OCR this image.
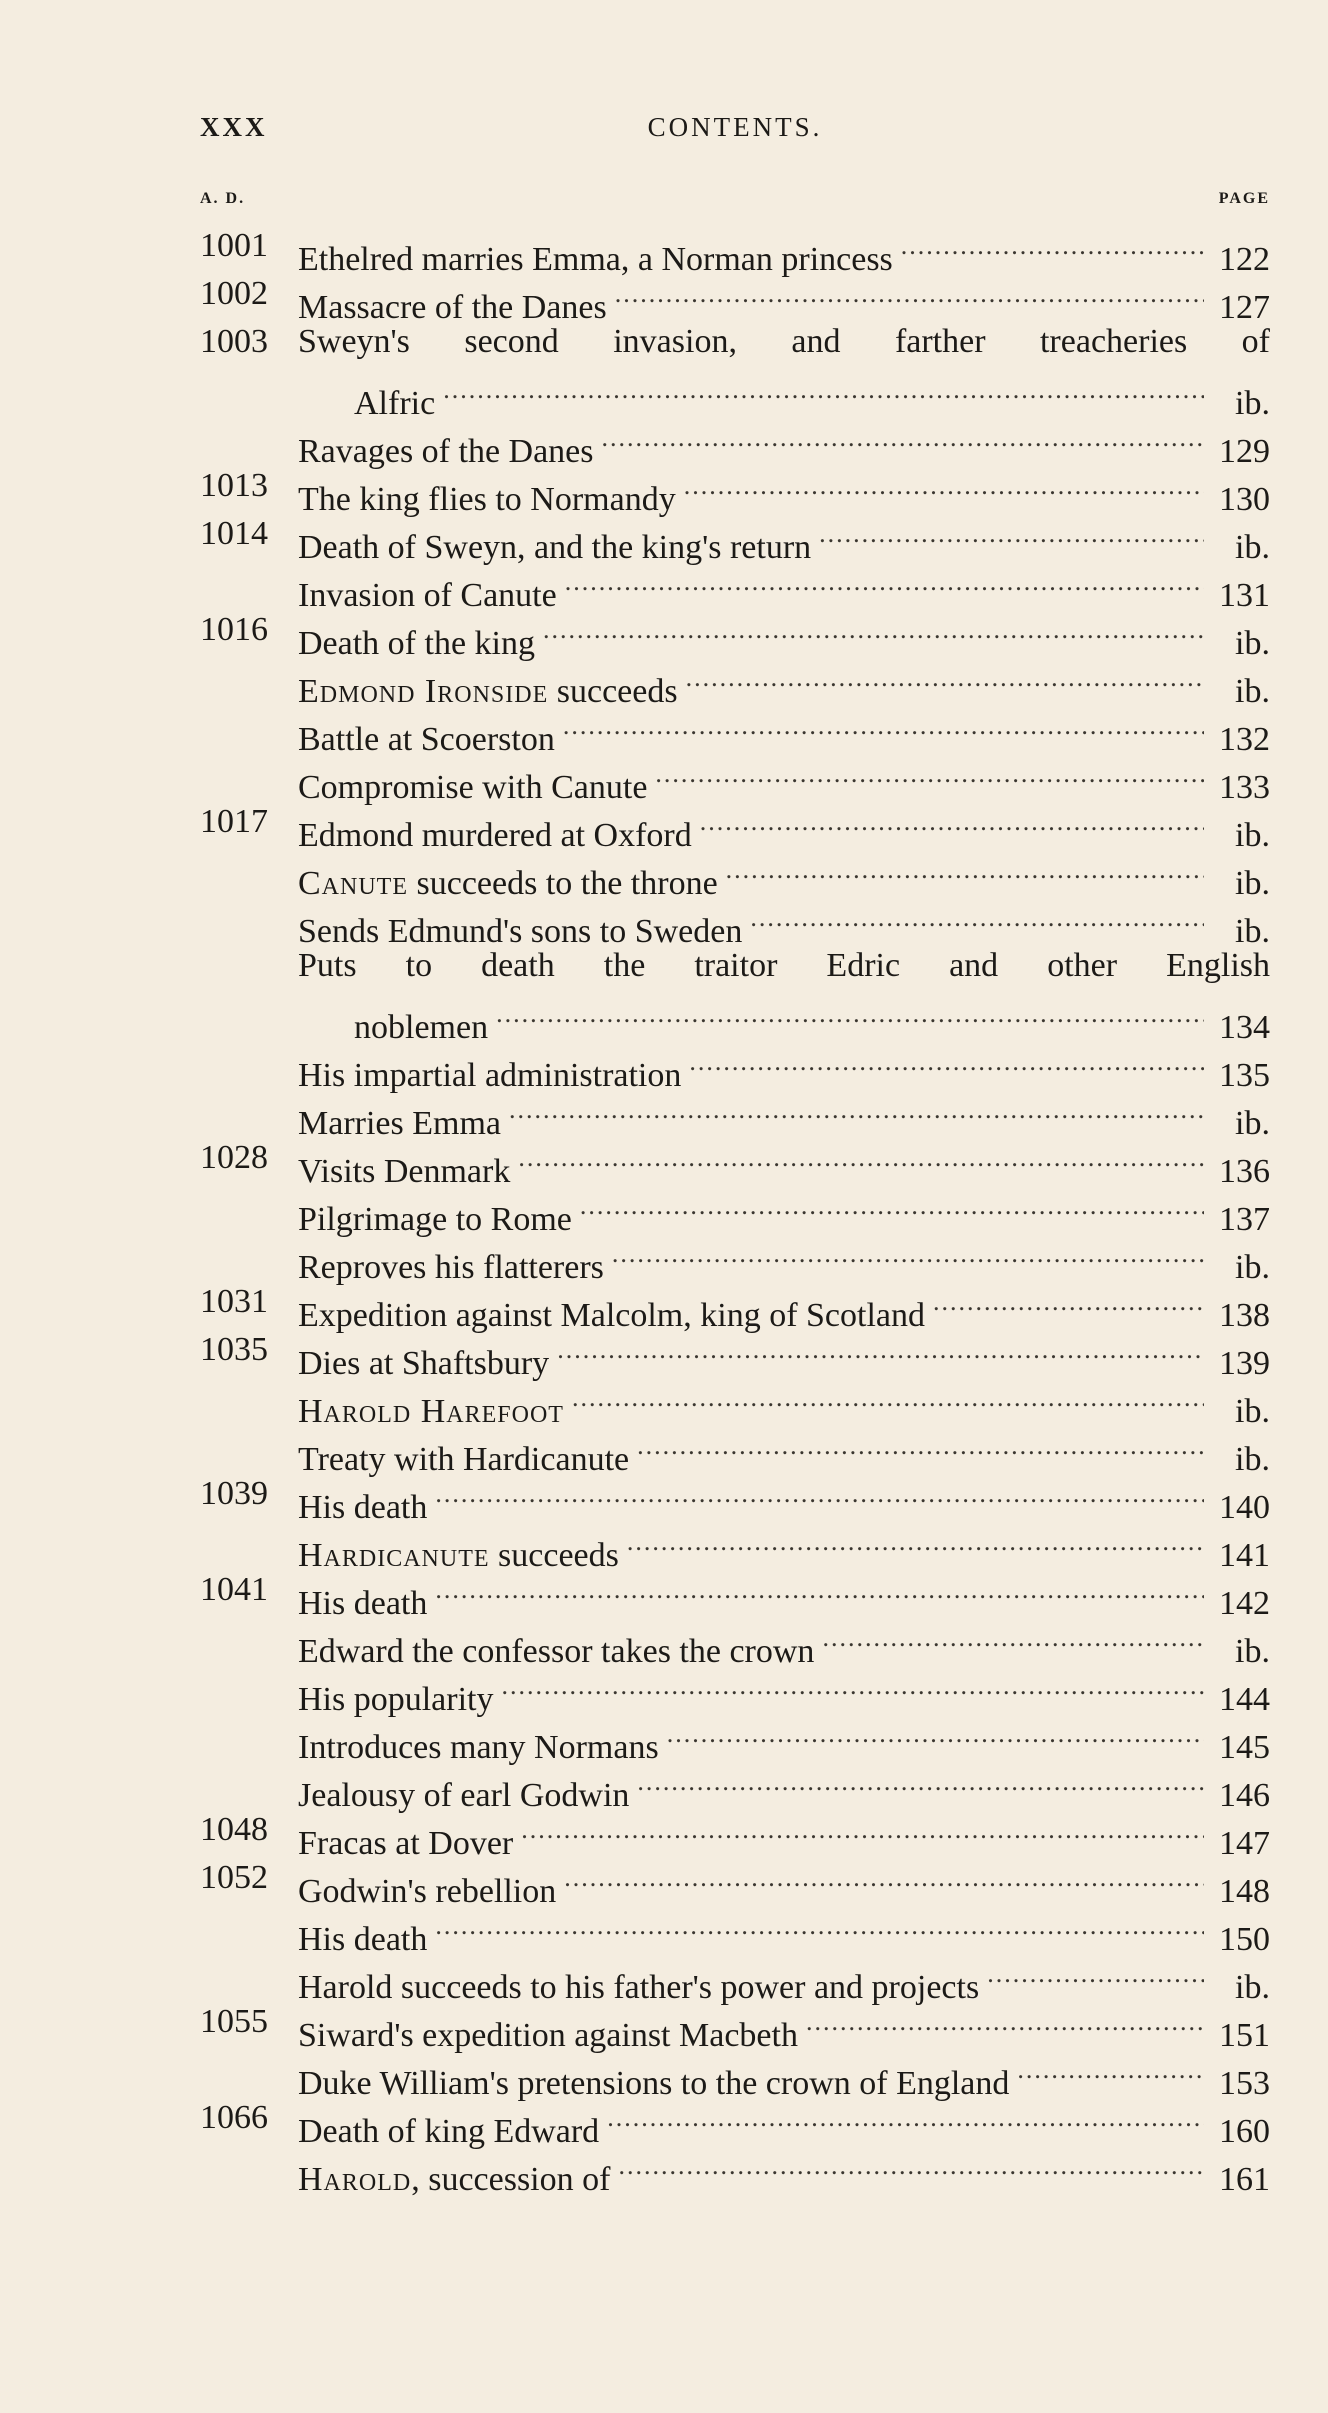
XXX	CONTENTS.
A. D.	PAGE
1001 Ethelred marries Emma, a Norman princess .....	122
1002 Massacre of the Danes .....	127
1003 Sweyn's second invasion, and farther treacheries of
Alfric .....	ib.
Ravages of the Danes .....	129
1013 The king flies to Normandy .....	130
1014 Death of Sweyn, and the king's return .....	ib.
Invasion of Canute .....	131
1016 Death of the king .....	ib.
Edmond Ironside succeeds .....	ib.
Battle at Scoerston .....	132
Compromise with Canute .....	133
1017 Edmond murdered at Oxford .....	ib.
Canute succeeds to the throne .....	ib.
Sends Edmund's sons to Sweden .....	ib.
Puts to death the traitor Edric and other English
noblemen .....	134
His impartial administration .....	135
Marries Emma .....	ib.
1028 Visits Denmark .....	136
Pilgrimage to Rome .....	137
Reproves his flatterers .....	ib.
1031 Expedition against Malcolm, king of Scotland .....	138
1035 Dies at Shaftsbury .....	139
Harold Harefoot .....	ib.
Treaty with Hardicanute .....	ib.
1039 His death .....	140
Hardicanute succeeds .....	141
1041 His death .....	142
Edward the confessor takes the crown .....	ib.
His popularity .....	144
Introduces many Normans .....	145
Jealousy of earl Godwin .....	146
1048 Fracas at Dover .....	147
1052 Godwin's rebellion .....	148
His death .....	150
Harold succeeds to his father's power and projects .....	ib.
1055 Siward's expedition against Macbeth .....	151
Duke William's pretensions to the crown of England .....	153
1066 Death of king Edward .....	160
Harold, succession of .....	161
